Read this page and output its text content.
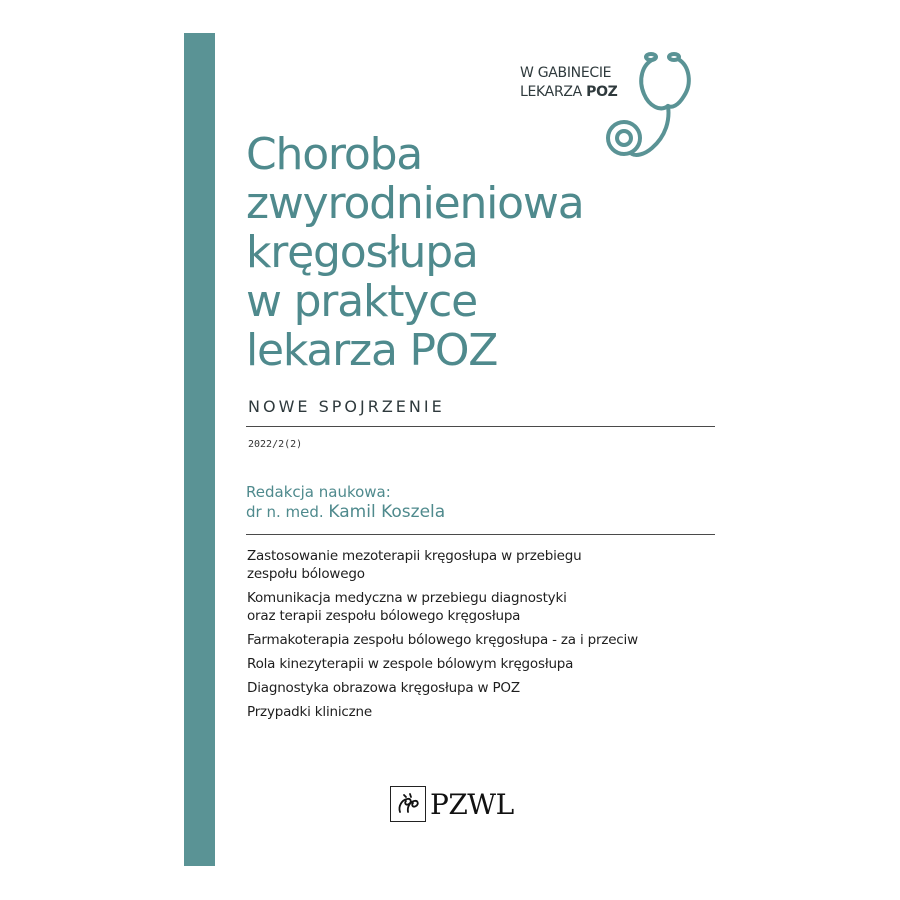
W GABINECIE
LEKARZA POZ
Choroba
zwyrodnieniowa
kręgosłupa
w praktyce
lekarza POZ
NOWE SPOJRZENIE
2022/2(2)
Redakcja naukowa:
dr n. med. Kamil Koszela
Zastosowanie mezoterapii kręgosłupa w przebiegu
zespołu bólowego
Komunikacja medyczna w przebiegu diagnostyki
oraz terapii zespołu bólowego kręgosłupa
Farmakoterapia zespołu bólowego kręgosłupa - za i przeciw
Rola kinezyterapii w zespole bólowym kręgosłupa
Diagnostyka obrazowa kręgosłupa w POZ
Przypadki kliniczne
PZWL
